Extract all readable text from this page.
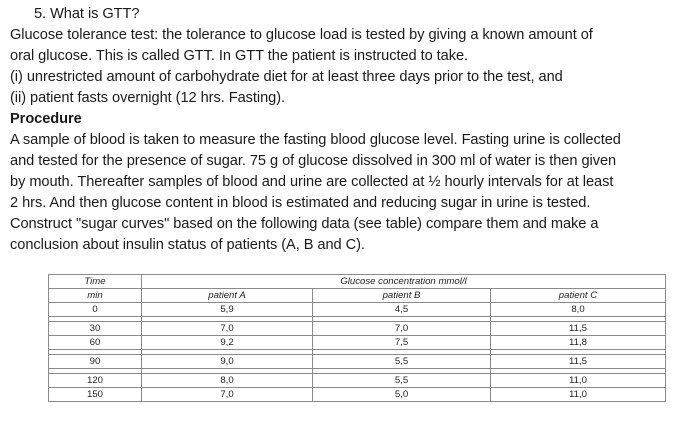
5. What is GTT?
Glucose tolerance test: the tolerance to glucose load is tested by giving a known amount of
oral glucose. This is called GTT. In GTT the patient is instructed to take.
(i) unrestricted amount of carbohydrate diet for at least three days prior to the test, and
(ii) patient fasts overnight (12 hrs. Fasting).
Procedure
A sample of blood is taken to measure the fasting blood glucose level. Fasting urine is collected
and tested for the presence of sugar. 75 g of glucose dissolved in 300 ml of water is then given
by mouth. Thereafter samples of blood and urine are collected at ½ hourly intervals for at least
2 hrs. And then glucose content in blood is estimated and reducing sugar in urine is tested.
Construct "sugar curves" based on the following data (see table) compare them and make a
conclusion about insulin status of patients (A, B and C).
Time	Glucose concentration mmol/l		
min	patient A	patient B	patient C
0	5,9	4,5	8,0

30	7,0	7,0	11,5
60	9,2	7,5	11,8

90	9,0	5,5	11,5

120	8,0	5,5	11,0
150	7,0	5,0	11,0
